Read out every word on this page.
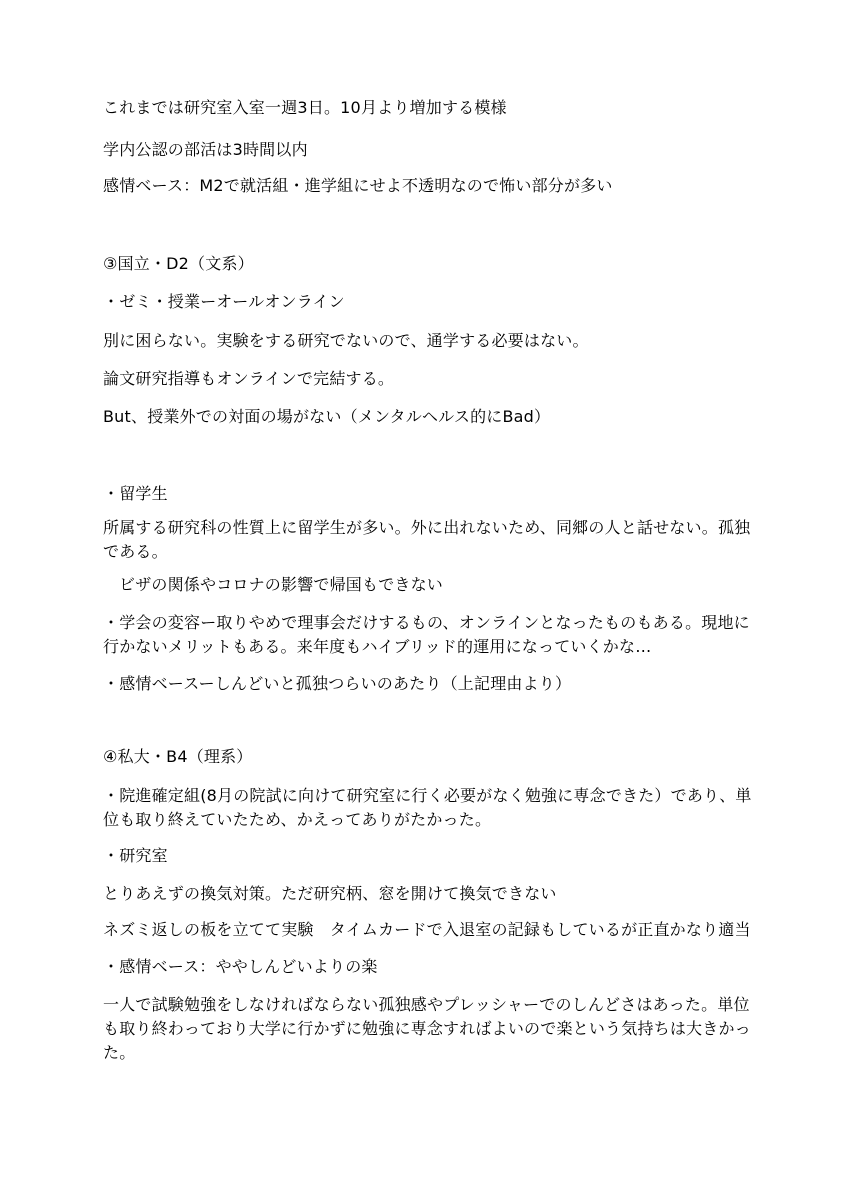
これまでは研究室入室一週3日。10月より増加する模様

学内公認の部活は3時間以内

感情ベース：M2で就活組・進学組にせよ不透明なので怖い部分が多い

③国立・D2（文系）

・ゼミ・授業ーオールオンライン

別に困らない。実験をする研究でないので、通学する必要はない。

論文研究指導もオンラインで完結する。

But、授業外での対面の場がない（メンタルヘルス的にBad）

・留学生

所属する研究科の性質上に留学生が多い。外に出れないため、同郷の人と話せない。孤独である。

ビザの関係やコロナの影響で帰国もできない

・学会の変容ー取りやめで理事会だけするもの、オンラインとなったものもある。現地に行かないメリットもある。来年度もハイブリッド的運用になっていくかな…

・感情ベースーしんどいと孤独つらいのあたり（上記理由より）

④私大・B4（理系）

・院進確定組(8月の院試に向けて研究室に行く必要がなく勉強に専念できた）であり、単位も取り終えていたため、かえってありがたかった。

・研究室

とりあえずの換気対策。ただ研究柄、窓を開けて換気できない

ネズミ返しの板を立てて実験　タイムカードで入退室の記録もしているが正直かなり適当

・感情ベース：ややしんどいよりの楽

一人で試験勉強をしなければならない孤独感やプレッシャーでのしんどさはあった。単位も取り終わっており大学に行かずに勉強に専念すればよいので楽という気持ちは大きかった。
